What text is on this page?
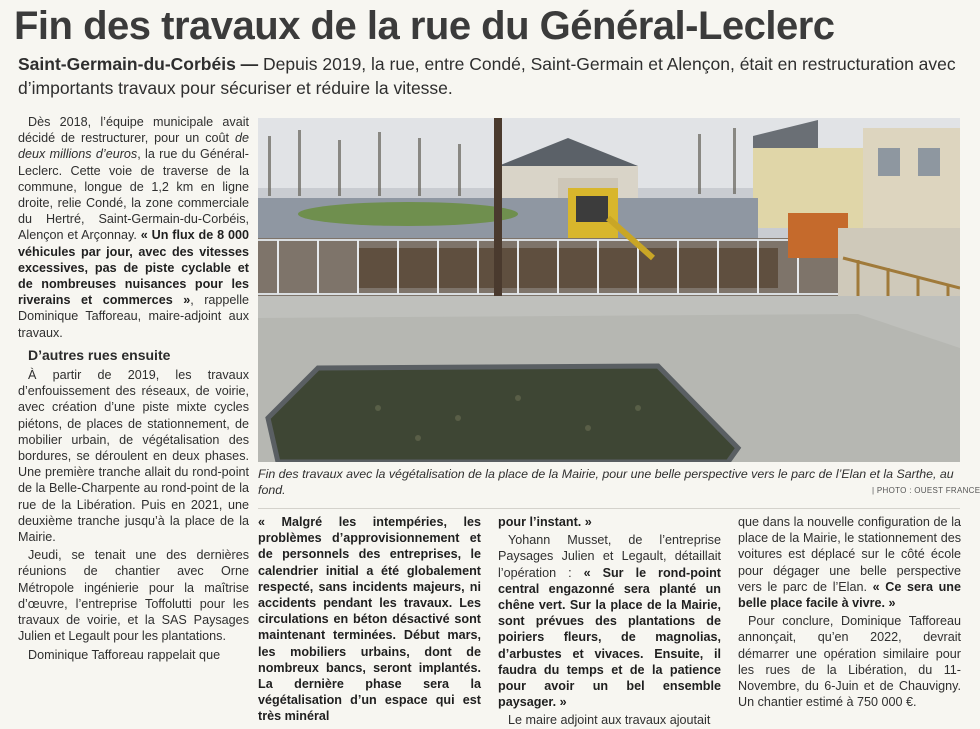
Fin des travaux de la rue du Général-Leclerc
Saint-Germain-du-Corbéis — Depuis 2019, la rue, entre Condé, Saint-Germain et Alençon, était en restructuration avec d’importants travaux pour sécuriser et réduire la vitesse.

Dès 2018, l’équipe municipale avait décidé de restructurer, pour un coût de deux millions d’euros, la rue du Général-Leclerc. Cette voie de traverse de la commune, longue de 1,2 km en ligne droite, relie Condé, la zone commerciale du Hertré, Saint-Germain-du-Corbéis, Alençon et Arçonnay. « Un flux de 8 000 véhicules par jour, avec des vitesses excessives, pas de piste cyclable et de nombreuses nuisances pour les riverains et commerces », rappelle Dominique Tafforeau, maire-adjoint aux travaux.

D’autres rues ensuite

À partir de 2019, les travaux d’enfouissement des réseaux, de voirie, avec création d’une piste mixte cycles piétons, de places de stationnement, de mobilier urbain, de végétalisation des bordures, se déroulent en deux phases. Une première tranche allait du rond-point de la Belle-Charpente au rond-point de la rue de la Libération. Puis en 2021, une deuxième tranche jusqu’à la place de la Mairie.

Jeudi, se tenait une des dernières réunions de chantier avec Orne Métropole ingénierie pour la maîtrise d’œuvre, l’entreprise Toffolutti pour les travaux de voirie, et la SAS Paysages Julien et Legault pour les plantations.

Dominique Tafforeau rappelait que

Fin des travaux avec la végétalisation de la place de la Mairie, pour une belle perspective vers le parc de l’Elan et la Sarthe, au fond.	| PHOTO : OUEST FRANCE

« Malgré les intempéries, les problèmes d’approvisionnement et de personnels des entreprises, le calendrier initial a été globalement respecté, sans incidents majeurs, ni accidents pendant les travaux. Les circulations en béton désactivé sont maintenant terminées. Début mars, les mobiliers urbains, dont de nombreux bancs, seront implantés. La dernière phase sera la végétalisation d’un espace qui est très minéral

pour l’instant. »

Yohann Musset, de l’entreprise Paysages Julien et Legault, détaillait l’opération : « Sur le rond-point central engazonné sera planté un chêne vert. Sur la place de la Mairie, sont prévues des plantations de poiriers fleurs, de magnolias, d’arbustes et vivaces. Ensuite, il faudra du temps et de la patience pour avoir un bel ensemble paysager. »

Le maire adjoint aux travaux ajoutait

que dans la nouvelle configuration de la place de la Mairie, le stationnement des voitures est déplacé sur le côté école pour dégager une belle perspective vers le parc de l’Elan. « Ce sera une belle place facile à vivre. »

Pour conclure, Dominique Tafforeau annonçait, qu’en 2022, devrait démarrer une opération similaire pour les rues de la Libération, du 11-Novembre, du 6-Juin et de Chauvigny. Un chantier estimé à 750 000 €.
